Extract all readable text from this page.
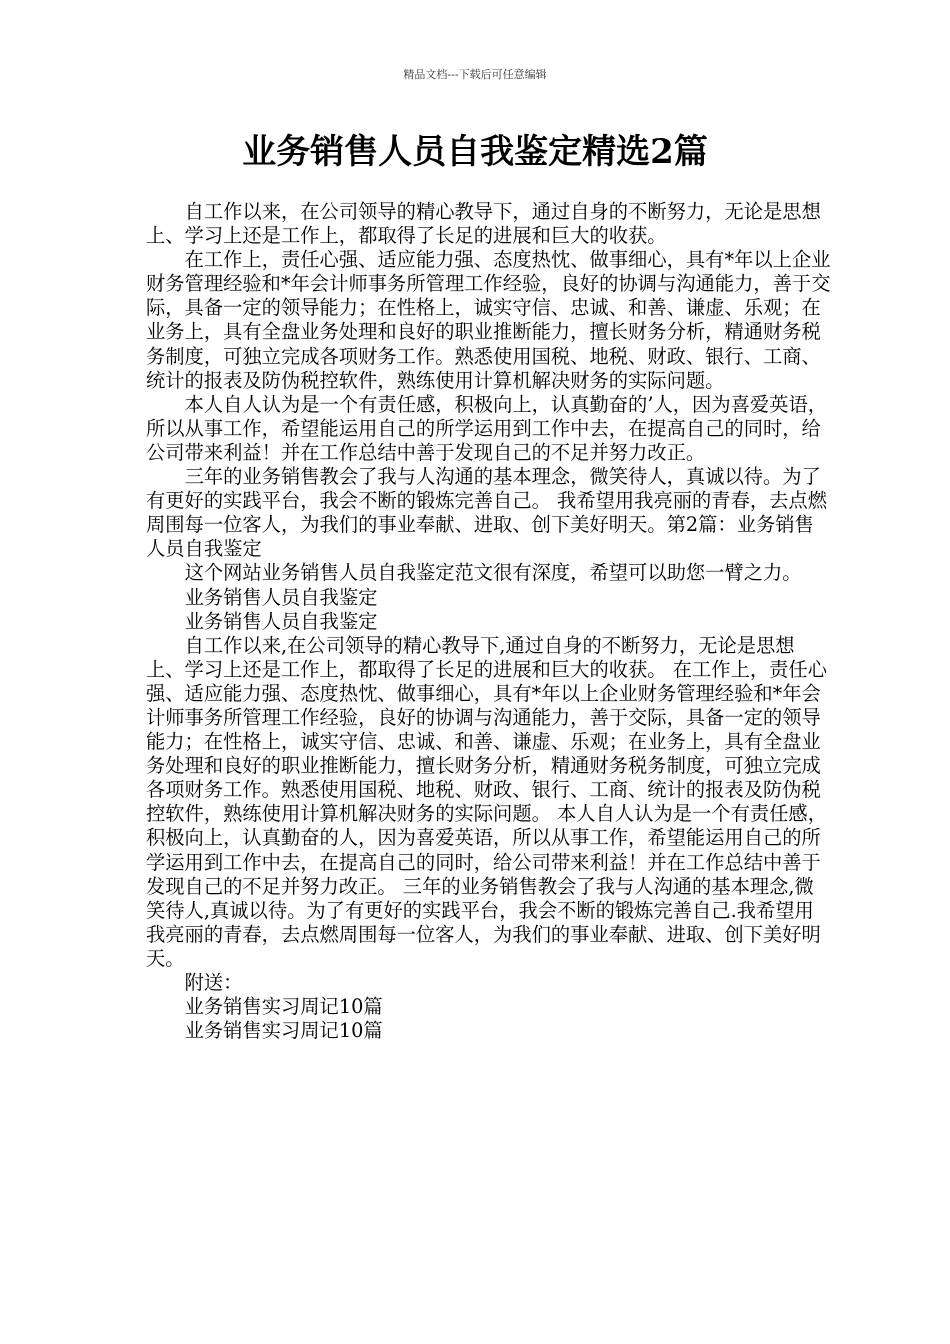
精品文档---下载后可任意编辑
业务销售人员自我鉴定精选2篇

自工作以来，在公司领导的精心教导下，通过自身的不断努力，无论是思想上、学习上还是工作上，都取得了长足的进展和巨大的收获。

在工作上，责任心强、适应能力强、态度热忱、做事细心，具有*年以上企业财务管理经验和*年会计师事务所管理工作经验，良好的协调与沟通能力，善于交际，具备一定的领导能力；在性格上，诚实守信、忠诚、和善、谦虚、乐观；在业务上，具有全盘业务处理和良好的职业推断能力，擅长财务分析，精通财务税务制度，可独立完成各项财务工作。熟悉使用国税、地税、财政、银行、工商、统计的报表及防伪税控软件，熟练使用计算机解决财务的实际问题。

本人自人认为是一个有责任感，积极向上，认真勤奋的’人，因为喜爱英语，所以从事工作，希望能运用自己的所学运用到工作中去，在提高自己的同时，给公司带来利益！并在工作总结中善于发现自己的不足并努力改正。

三年的业务销售教会了我与人沟通的基本理念，微笑待人，真诚以待。为了有更好的实践平台，我会不断的锻炼完善自己。 我希望用我亮丽的青春，去点燃周围每一位客人，为我们的事业奉献、进取、创下美好明天。第2篇：业务销售人员自我鉴定

这个网站业务销售人员自我鉴定范文很有深度，希望可以助您一臂之力。

业务销售人员自我鉴定

业务销售人员自我鉴定

自工作以来,在公司领导的精心教导下,通过自身的不断努力，无论是思想上、学习上还是工作上，都取得了长足的进展和巨大的收获。 在工作上，责任心强、适应能力强、态度热忱、做事细心，具有*年以上企业财务管理经验和*年会计师事务所管理工作经验，良好的协调与沟通能力，善于交际，具备一定的领导能力；在性格上，诚实守信、忠诚、和善、谦虚、乐观；在业务上，具有全盘业务处理和良好的职业推断能力，擅长财务分析，精通财务税务制度，可独立完成各项财务工作。熟悉使用国税、地税、财政、银行、工商、统计的报表及防伪税控软件，熟练使用计算机解决财务的实际问题。 本人自人认为是一个有责任感，积极向上，认真勤奋的人，因为喜爱英语，所以从事工作，希望能运用自己的所学运用到工作中去，在提高自己的同时，给公司带来利益！并在工作总结中善于发现自己的不足并努力改正。 三年的业务销售教会了我与人沟通的基本理念,微笑待人,真诚以待。为了有更好的实践平台，我会不断的锻炼完善自己.我希望用我亮丽的青春，去点燃周围每一位客人，为我们的事业奉献、进取、创下美好明天。

附送：

业务销售实习周记10篇

业务销售实习周记10篇
